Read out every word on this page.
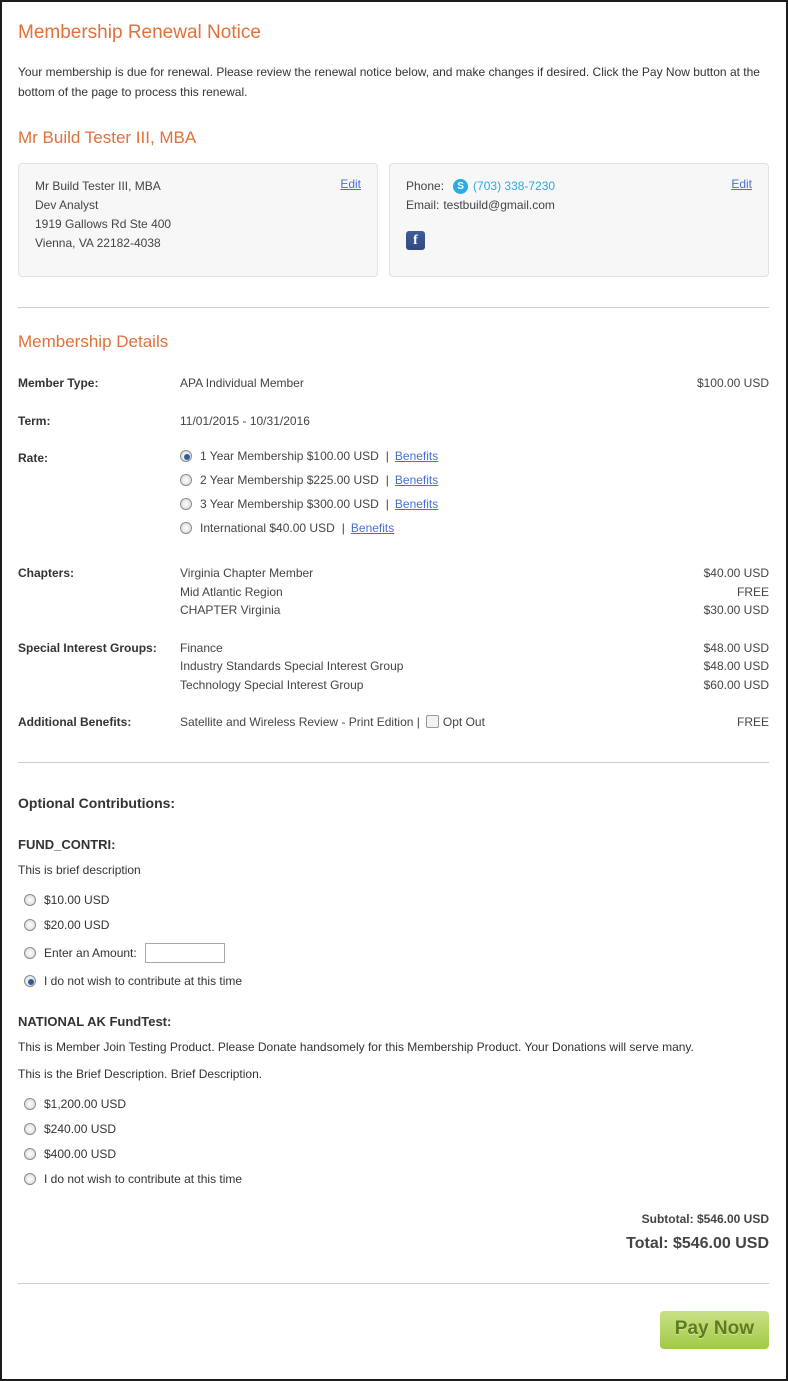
Membership Renewal Notice

Your membership is due for renewal. Please review the renewal notice below, and make changes if desired. Click the Pay Now button at the bottom of the page to process this renewal.

Mr Build Tester III, MBA
Edit
Mr Build Tester III, MBA
Dev Analyst
1919 Gallows Rd Ste 400
Vienna, VA 22182-4038
Edit
Phone: S (703) 338-7230
Email: testbuild@gmail.com
f
Membership Details
Member Type:	APA Individual Member	$100.00 USD
Term:	11/01/2015 - 10/31/2016
Rate:	1 Year Membership $100.00 USD | Benefits
2 Year Membership $225.00 USD | Benefits
3 Year Membership $300.00 USD | Benefits
International $40.00 USD | Benefits
Chapters:	Virginia Chapter Member	$40.00 USD
Mid Atlantic Region	FREE
CHAPTER Virginia	$30.00 USD
Special Interest Groups:	Finance	$48.00 USD
Industry Standards Special Interest Group	$48.00 USD
Technology Special Interest Group	$60.00 USD
Additional Benefits:	Satellite and Wireless Review - Print Edition | Opt Out	FREE
Optional Contributions:

FUND_CONTRI:

This is brief description

$10.00 USD
$20.00 USD
Enter an Amount:
I do not wish to contribute at this time

NATIONAL AK FundTest:

This is Member Join Testing Product. Please Donate handsomely for this Membership Product. Your Donations will serve many.

This is the Brief Description. Brief Description.

$1,200.00 USD
$240.00 USD
$400.00 USD
I do not wish to contribute at this time
Subtotal: $546.00 USD
Total: $546.00 USD
Pay Now
